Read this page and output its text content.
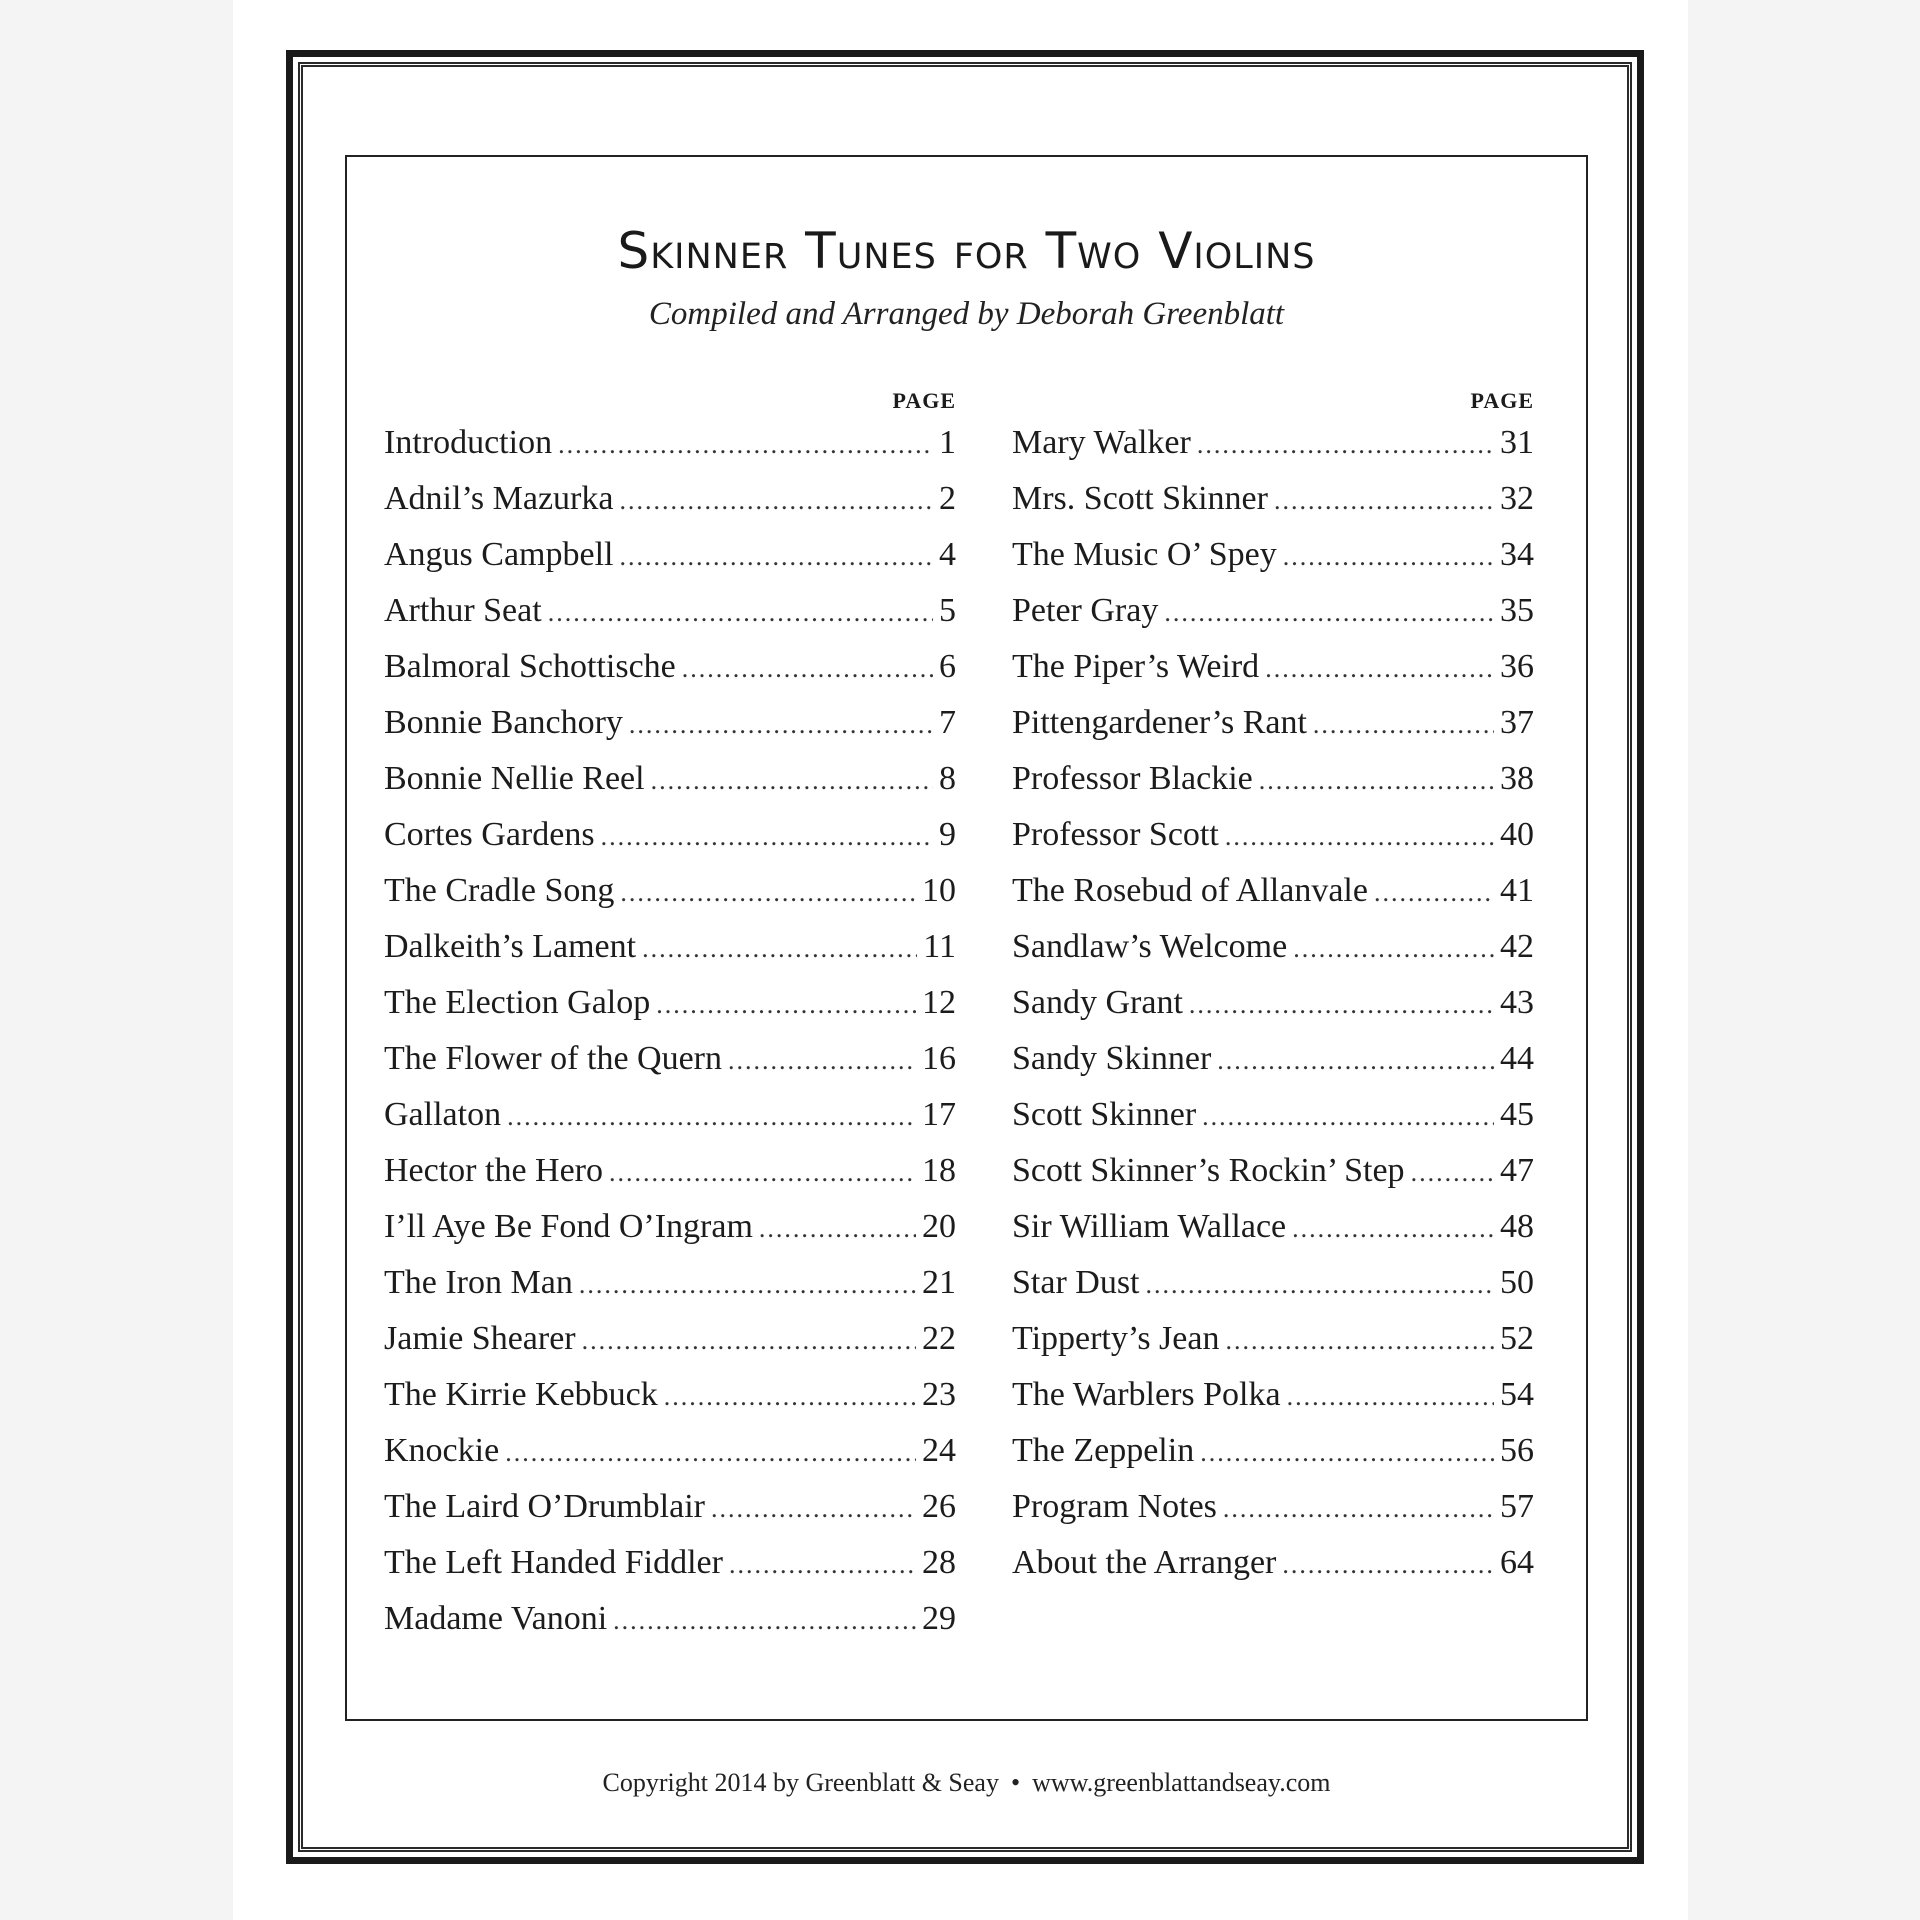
Skinner Tunes for Two Violins
Compiled and Arranged by Deborah Greenblatt
PAGE
Introduction .....	1
Adnil’s Mazurka .....	2
Angus Campbell .....	4
Arthur Seat .....	5
Balmoral Schottische .....	6
Bonnie Banchory .....	7
Bonnie Nellie Reel .....	8
Cortes Gardens .....	9
The Cradle Song .....	10
Dalkeith’s Lament .....	11
The Election Galop .....	12
The Flower of the Quern .....	16
Gallaton .....	17
Hector the Hero .....	18
I’ll Aye Be Fond O’Ingram .....	20
The Iron Man .....	21
Jamie Shearer .....	22
The Kirrie Kebbuck .....	23
Knockie .....	24
The Laird O’Drumblair .....	26
The Left Handed Fiddler .....	28
Madame Vanoni .....	29
PAGE
Mary Walker .....	31
Mrs. Scott Skinner .....	32
The Music O’ Spey .....	34
Peter Gray .....	35
The Piper’s Weird .....	36
Pittengardener’s Rant .....	37
Professor Blackie .....	38
Professor Scott .....	40
The Rosebud of Allanvale .....	41
Sandlaw’s Welcome .....	42
Sandy Grant .....	43
Sandy Skinner .....	44
Scott Skinner .....	45
Scott Skinner’s Rockin’ Step .....	47
Sir William Wallace .....	48
Star Dust .....	50
Tipperty’s Jean .....	52
The Warblers Polka .....	54
The Zeppelin .....	56
Program Notes .....	57
About the Arranger .....	64
Copyright 2014 by Greenblatt & Seay • www.greenblattandseay.com
